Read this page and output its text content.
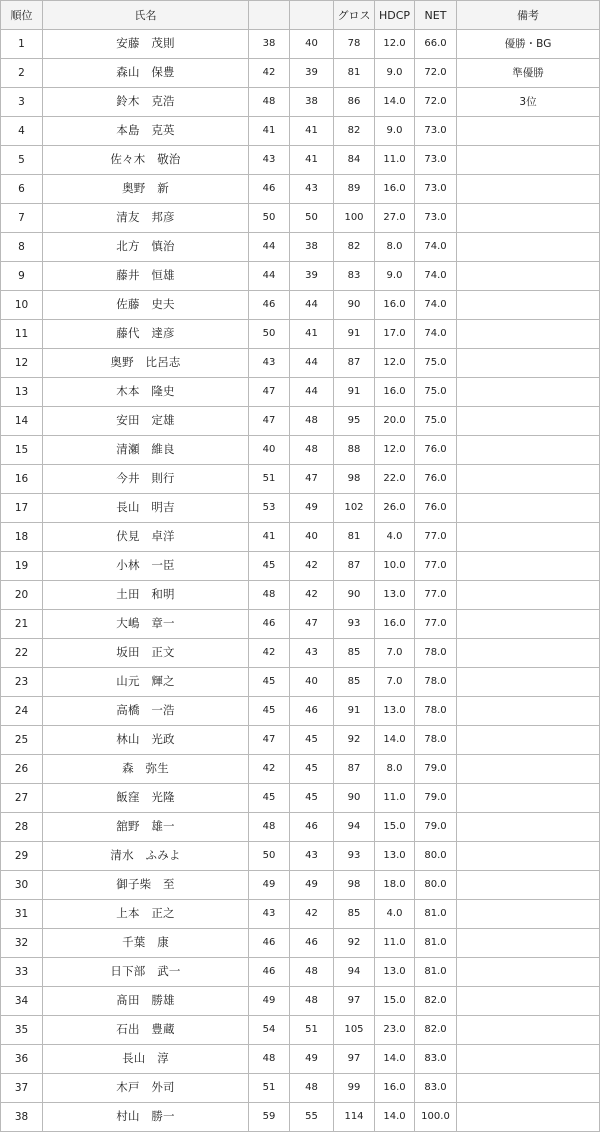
順位	氏名			グロス	HDCP	NET	備考
1	安藤　茂則	38	40	78	12.0	66.0	優勝・BG
2	森山　保豊	42	39	81	9.0	72.0	準優勝
3	鈴木　克浩	48	38	86	14.0	72.0	3位
4	本島　克英	41	41	82	9.0	73.0	
5	佐々木　敬治	43	41	84	11.0	73.0	
6	奥野　新	46	43	89	16.0	73.0	
7	清友　邦彦	50	50	100	27.0	73.0	
8	北方　慎治	44	38	82	8.0	74.0	
9	藤井　恒雄	44	39	83	9.0	74.0	
10	佐藤　史夫	46	44	90	16.0	74.0	
11	藤代　達彦	50	41	91	17.0	74.0	
12	奥野　比呂志	43	44	87	12.0	75.0	
13	木本　隆史	47	44	91	16.0	75.0	
14	安田　定雄	47	48	95	20.0	75.0	
15	清瀬　維良	40	48	88	12.0	76.0	
16	今井　則行	51	47	98	22.0	76.0	
17	長山　明吉	53	49	102	26.0	76.0	
18	伏見　卓洋	41	40	81	4.0	77.0	
19	小林　一臣	45	42	87	10.0	77.0	
20	土田　和明	48	42	90	13.0	77.0	
21	大嶋　章一	46	47	93	16.0	77.0	
22	坂田　正文	42	43	85	7.0	78.0	
23	山元　輝之	45	40	85	7.0	78.0	
24	高橋　一浩	45	46	91	13.0	78.0	
25	林山　光政	47	45	92	14.0	78.0	
26	森　弥生	42	45	87	8.0	79.0	
27	飯窪　光隆	45	45	90	11.0	79.0	
28	舘野　雄一	48	46	94	15.0	79.0	
29	清水　ふみよ	50	43	93	13.0	80.0	
30	御子柴　至	49	49	98	18.0	80.0	
31	上本　正之	43	42	85	4.0	81.0	
32	千葉　康	46	46	92	11.0	81.0	
33	日下部　武一	46	48	94	13.0	81.0	
34	髙田　勝雄	49	48	97	15.0	82.0	
35	石出　豊蔵	54	51	105	23.0	82.0	
36	長山　淳	48	49	97	14.0	83.0	
37	木戸　外司	51	48	99	16.0	83.0	
38	村山　勝一	59	55	114	14.0	100.0	
